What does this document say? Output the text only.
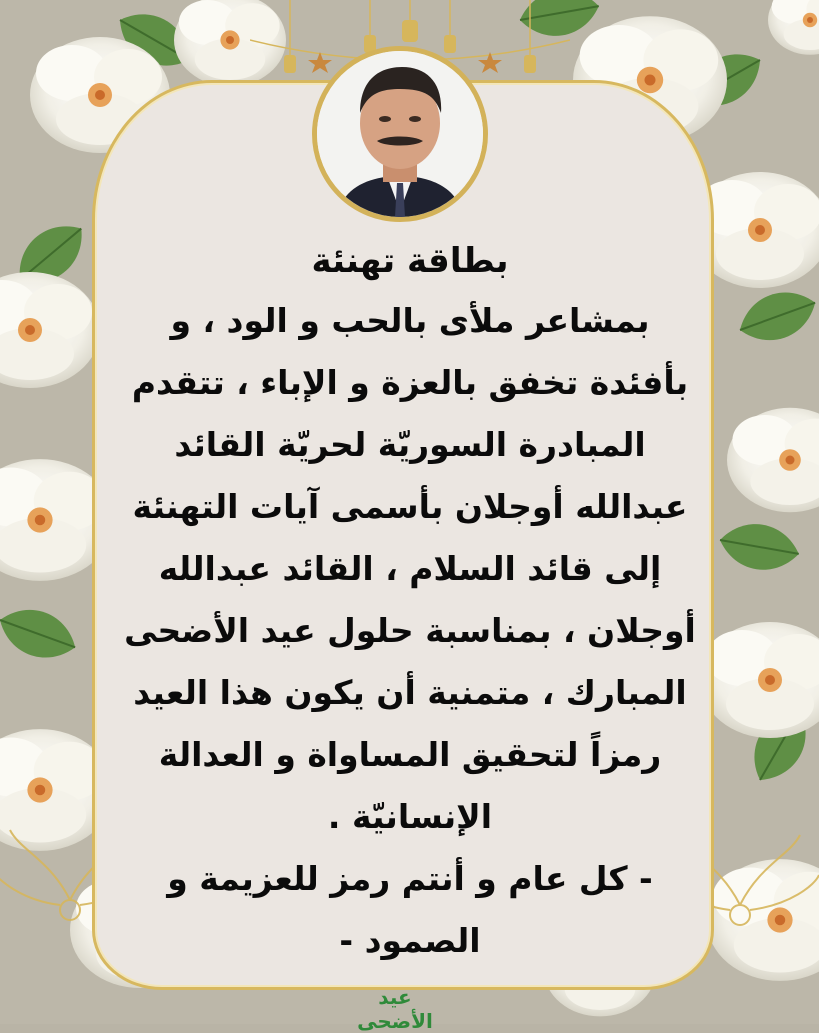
بطاقة تهنئة

بمشاعر ملأى بالحب و الود ، و

بأفئدة تخفق بالعزة و الإباء ، تتقدم

المبادرة السوريّة لحريّة القائد

عبدالله أوجلان بأسمى آيات التهنئة

إلى قائد السلام ، القائد عبدالله

أوجلان ، بمناسبة حلول عيد الأضحى

المبارك ، متمنية أن يكون هذا العيد

رمزاً لتحقيق المساواة و العدالة

الإنسانيّة .

- كل عام و أنتم رمز للعزيمة و

الصمود -

عيد الأضحى
